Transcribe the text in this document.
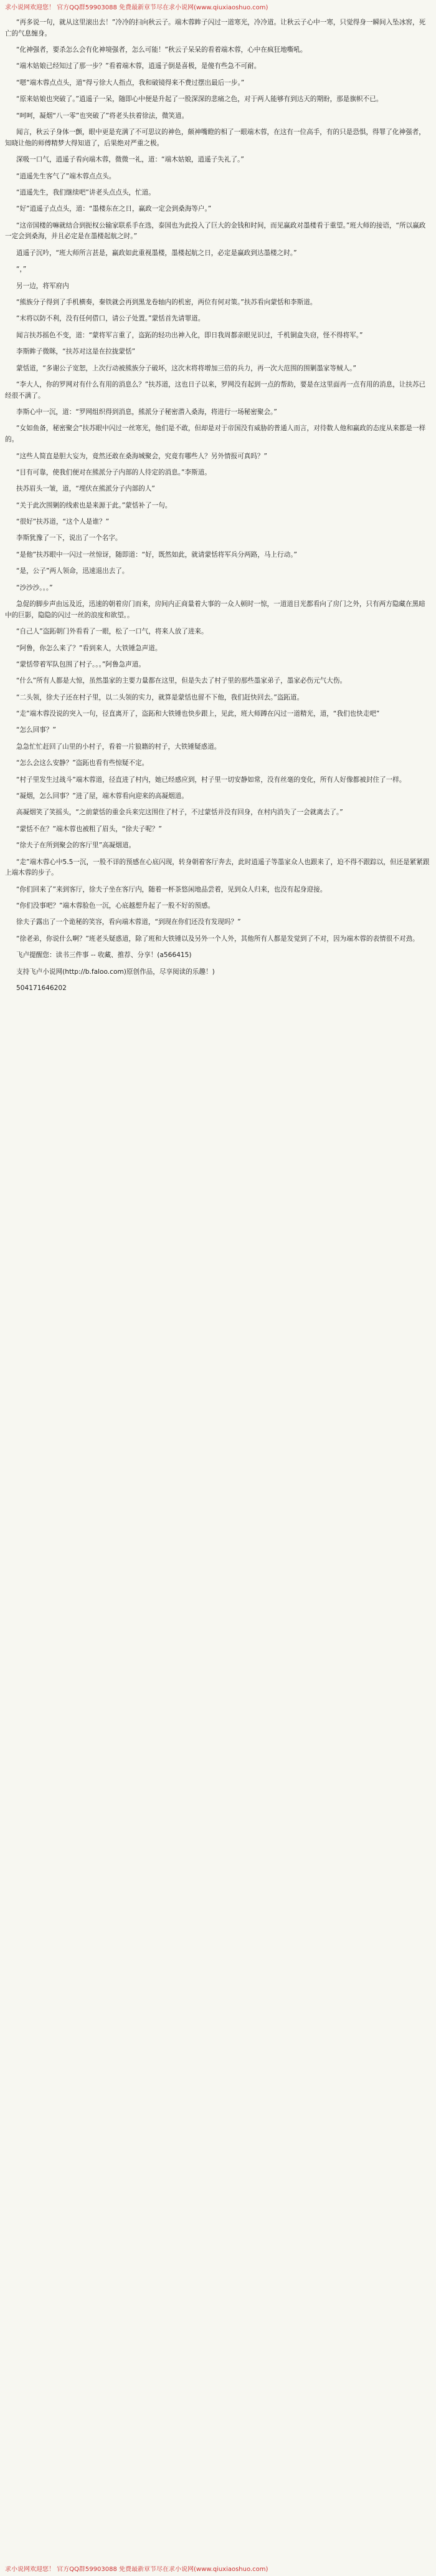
求小说网欢迎您！ 官方QQ群59903088 免费最新章节尽在求小说网(www.qiuxiaoshuo.com)

“再多说一句，就从这里滚出去！”冷冷的扫向秋云子。端木蓉眸子闪过一道寒光，冷冷道。让秋云子心中一寒，只觉得身一瞬间入坠冰窖，死亡的气息缠身。

“化神强者，要杀怎么会有化神境强者，怎么可能！”秋云子呆呆的看着端木蓉，心中在疯狂地嘶吼。

“端木姑娘已经知过了那一步？”看着端木蓉，逍遥子倒是喜极，是傻有些急不可耐。

“嗯”端木蓉点点头，道“得亏徐大人指点，我和破镜得来不费过摆出最后一步。”

“原来姑娘也突破了。”逍遥子一呆，随即心中便是升起了一股深深的悲痛之色，对于两人能够有到达天的期盼，那是旗帜不已。

“呵呵，凝烟“八一零”也突破了”将老头扶着徐法，微笑道。

闻言，秋云子身体一颤，眼中更是充满了不可思议的神色，颇神嘴瞪的相了一眼端木蓉，在这有一位高手，有的只是恐惧，得罪了化神强者，知晓让他的师傅精梦大得知道了，后果绝对严重之极。

深吸一口气，逍遥子看向端木蓉，微微一礼，道：“端木姑娘，逍遥子失礼了。”

“逍遥先生客气了”端木蓉点点头。

“逍遥先生，我们继续吧”讲老头点点头，忙道。

“好”逍遥子点点头，道：“墨楼东在之日，赢政一定会到桑海等户。”

“这帝国楼的嘛就结合到扼权公输家联系手在选，泰国也为此投入了巨大的金钱和时间，而见赢政对墨楼看于重望。”班大师的接语，“所以赢政一定会到桑海，并且必定是在墨楼起航之时。”

逍遥子沉吟，“班大师所言甚是，赢政如此重视墨楼，墨楼起航之日，必定是赢政到达墨楼之时。”

“，”

另一边，将军府内

“熊族分子得到了手机横奏，秦铁就会再到黑龙卷轴内的机密，两位有何对策。”扶苏看向蒙恬和李斯道。

“末将以防不利，没有任何借口，请公子处置。”蒙恬首先请罪道。

闻言扶苏摇色不变，道：“蒙将军言重了，盗跖的轻功出神入化，即日我周都亲眼见识过，千机铜盒失窃，怪不得将军。”

李斯眸子微眯，“扶苏对这是在拉拢蒙恬”

蒙恬道，“多谢公子宽恕，上次行动被熊族分子破坏，这次末将将增加三倍的兵力，再一次大范围的围剿墨家等贼人。”

“李大人，你的罗网对有什么有用的消息么？”扶苏道，这也日子以来，罗网没有起到一点的帮助，要是在这里面再一点有用的消息，让扶苏已经很不满了。

李斯心中一沉，道：“罗网组织得到消息，熊派分子秘密潜入桑海，将进行一场秘密聚会。”

“女如鱼备，秘密聚会”扶苏眼中闪过一丝寒光，他们是不敢，但却是对于帝国没有威胁的普通人而言，对待数人他和赢政的态度从来都是一样的。

“这些人简直是胆大妄为，竟然还敢在桑海城聚会，究竟有哪些人？另外情报可真吗？”

“目有可靠，使我们便对在熊派分子内部的人待定的消息。”李斯道。

扶苏眉头一皱，道，“埋伏在熊派分子内部的人”

“关于此次围剿的线索也是来源于此。”蒙恬补了一句。

“很好”扶苏道，“这个人是谁？”

李斯犹豫了一下，说出了一个名字。

“是他”扶苏眼中一闪过一丝惊讶，随即道：“好，既然如此，就请蒙恬将军兵分两路，马上行动。”

“是，公子”两人领命，迅速退出去了。

“沙沙沙。。。”

急促的脚步声由远及近，迅速的朝着房门而来，房间内正商量着大事的一众人顿时一惊，一道道目光都看向了房门之外，只有两方隐藏在黑暗中的巨影，隐隐的闪过一丝的浪度和欲望。。

“自己人”盗跖朝门外看看了一眼，松了一口气，将来人放了进来。

“阿鲁，你怎么来了？”看到来人，大铁锤急声道。

“蒙恬带着军队包围了村子。。。”阿鲁急声道。

“什么”所有人都是大惊，虽然墨家的主要力量都在这里，但是失去了村子里的那些墨家弟子，墨家必伤元气大伤。

“二头领，徐夫子还在村子里，以二头领的实力，就算是蒙恬也留不下他，我们赶快回去。”盗跖道。

“走”端木蓉没说的突入一句，径直离开了，盗跖和大铁锤也快步跟上，见此，班大师蹲在闪过一道精光，道，“我们也快走吧”

“怎么回事？”

急急忙忙赶回了山里的小村子，看着一片狼籍的村子，大铁锤疑惑道。

“怎么会这么安静？”盗跖也看有些惊疑不定。

“村子里发生过战斗”端木蓉道，径直进了村内，她已经感应到，村子里一切安静如常，没有丝毫的变化，所有人好像都被封住了一样。

“凝烟，怎么回事？”进了屋，端木蓉看向迎来的高凝烟道。

高凝烟笑了笑摇头，“之前蒙恬的重金兵来完这围住了村子，不过蒙恬并没有回身，在村内消失了一会就离去了。”

“蒙恬不在？”端木蓉也被粗了眉头，“徐夫子呢？”

“徐夫子在所到聚会的客厅里”高凝烟道。

“走”端木蓉心中5.5一沉，一股不详的预感在心底闪现，转身朝着客厅奔去，此时逍遥子等墨家众人也跟来了，迫不得不跟踪以，但还是紧紧跟上端木蓉的步子。

“你们回来了”来到客厅，徐夫子坐在客厅内，随着一杯茶悠闲地品尝着，见到众人归来，也没有起身迎接。

“你们没事吧？”端木蓉脸色一沉，心底越想升起了一股不好的预感。

徐夫子露出了一个诡秘的笑容，看向端木蓉道，“到现在你们还没有发现吗？”

“徐老弟，你说什么啊？”班老头疑惑道，除了班和大铁锤以及另外一个人外，其他所有人都是发觉到了不对，因为端木蓉的表情很不对劲。

飞卢提醒您：读书三件事 -- 收藏、推荐、分享！(a566415)

支持飞卢小说网(http://b.faloo.com)原创作品，尽享阅读的乐趣！)

504171646202

求小说网欢迎您！ 官方QQ群59903088 免费最新章节尽在求小说网(www.qiuxiaoshuo.com)
